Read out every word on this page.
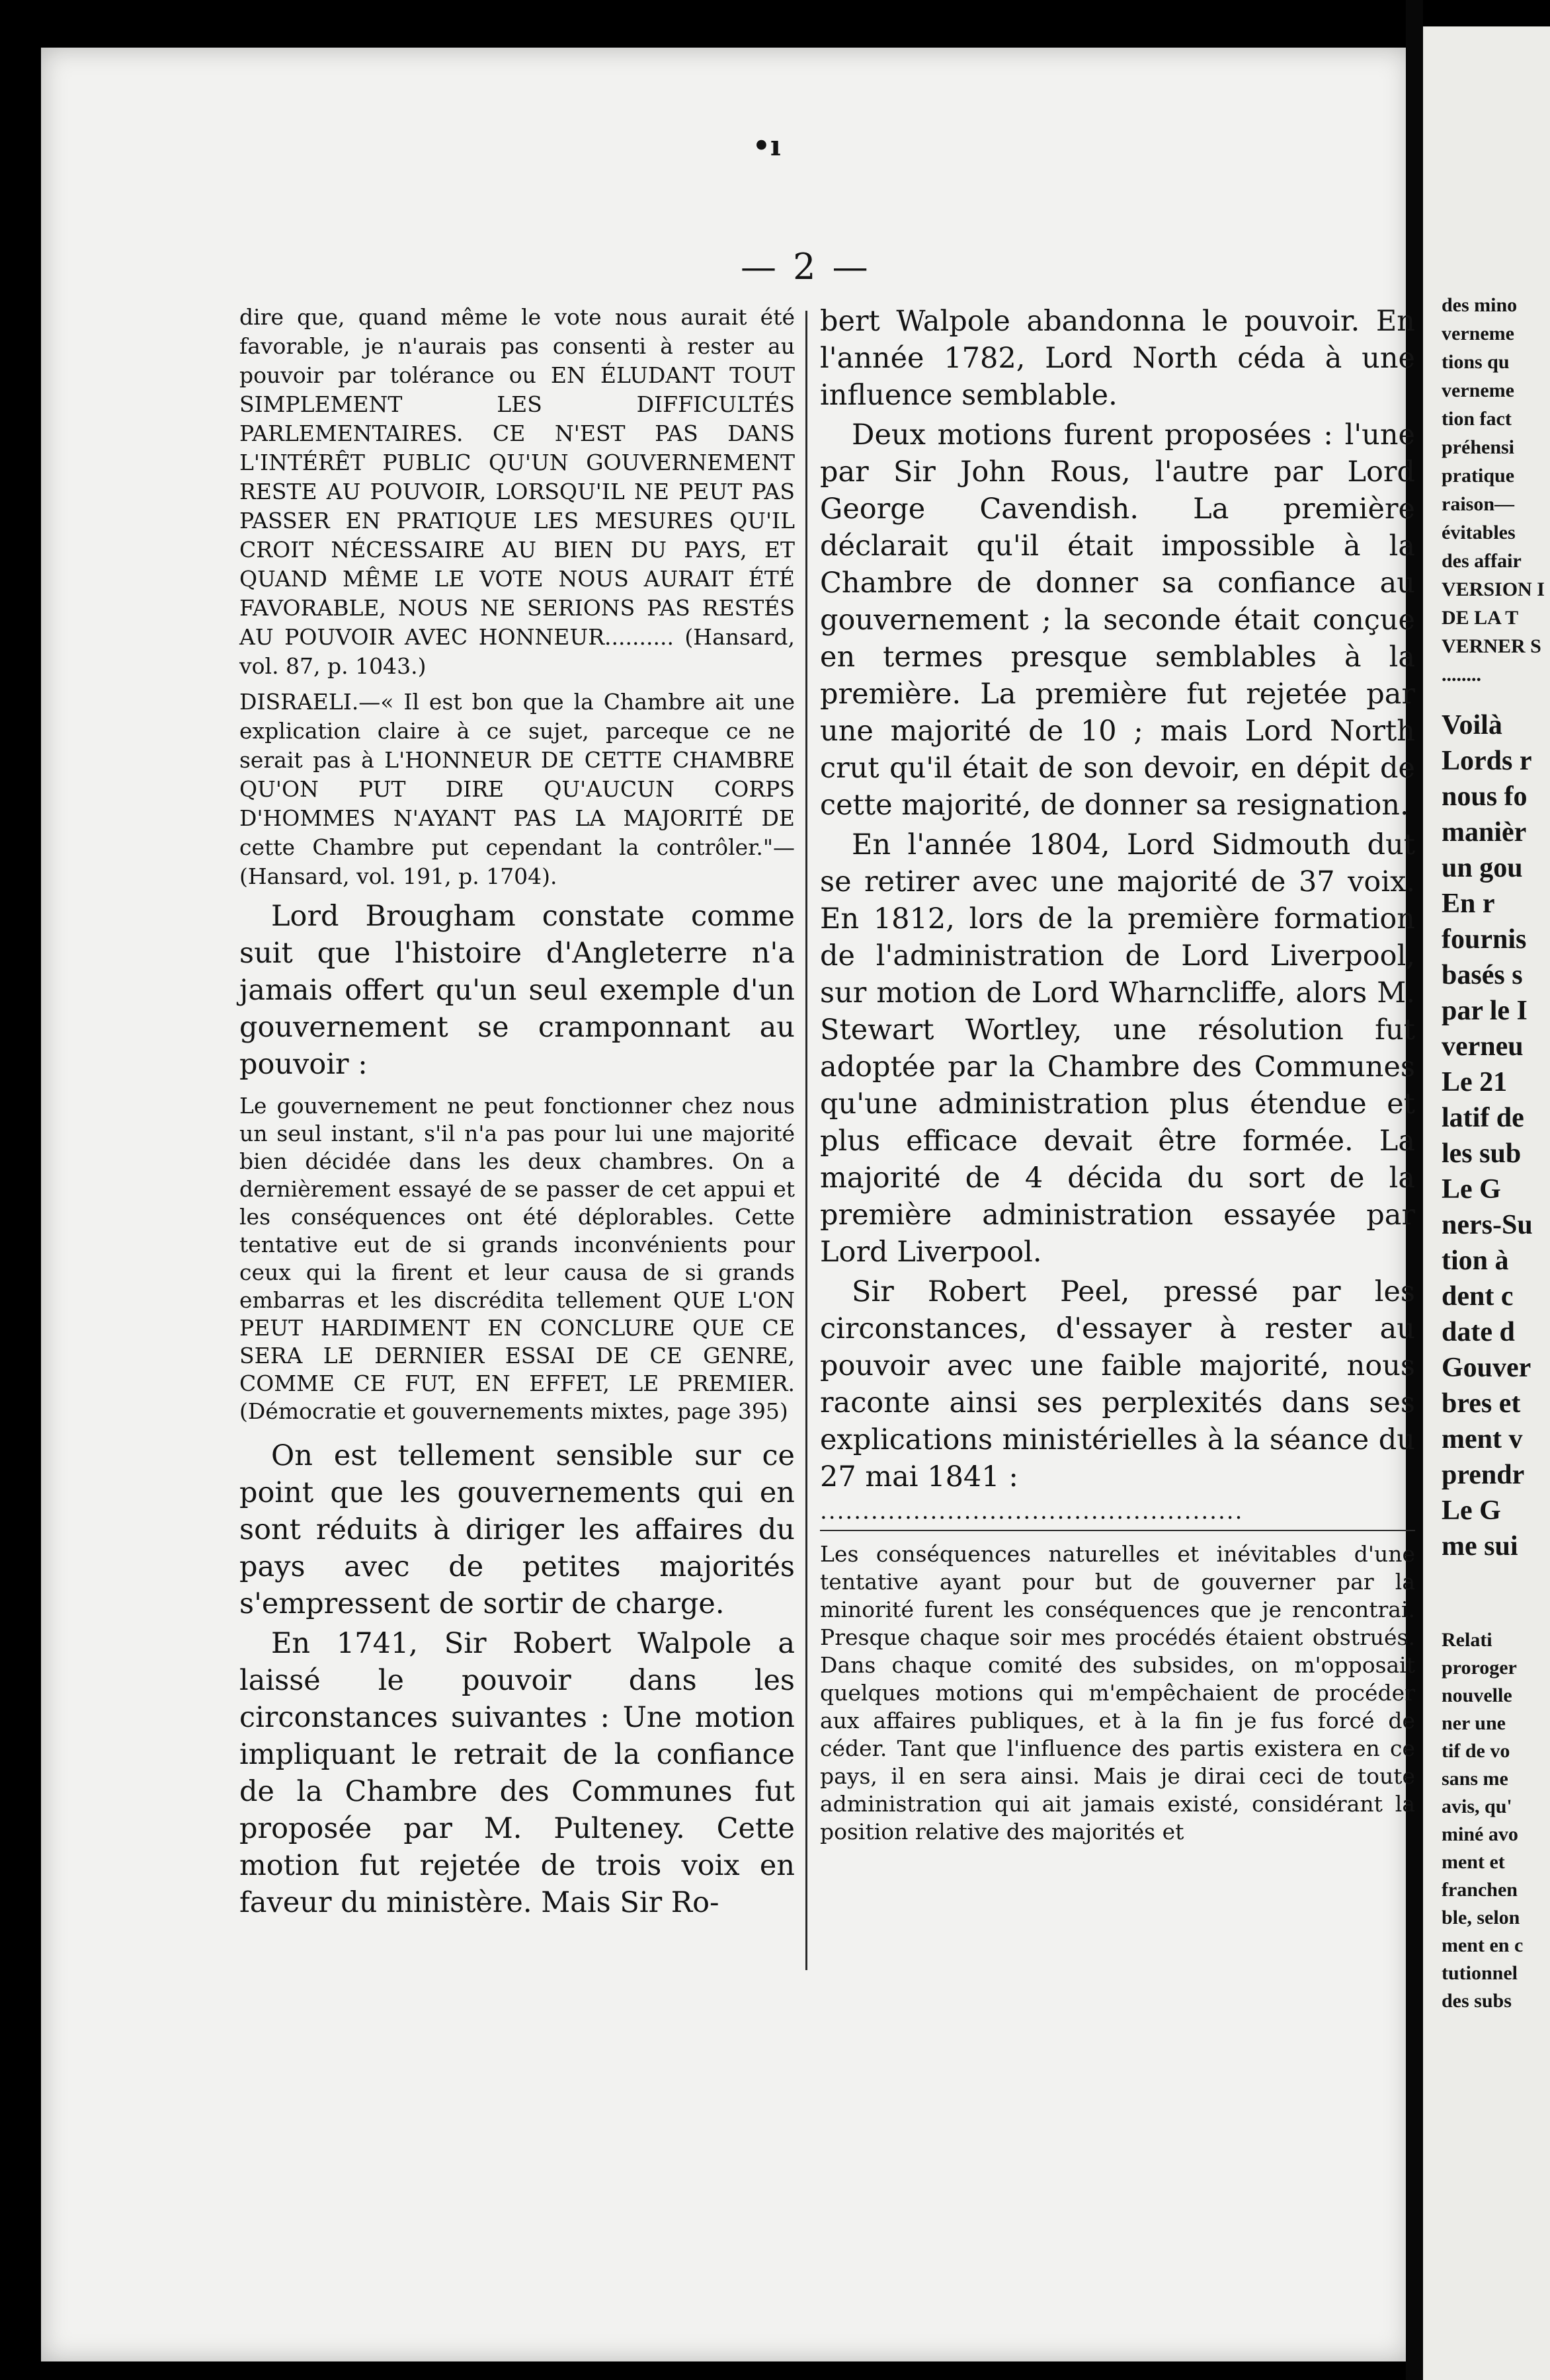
•ı
— 2 —

dire que, quand même le vote nous aurait été favorable, je n'aurais pas consenti à rester au pouvoir par tolérance ou EN ÉLUDANT TOUT SIMPLEMENT LES DIFFICULTÉS PARLEMENTAIRES. CE N'EST PAS DANS L'INTÉRÊT PUBLIC QU'UN GOUVERNEMENT RESTE AU POUVOIR, LORSQU'IL NE PEUT PAS PASSER EN PRATIQUE LES MESURES QU'IL CROIT NÉCESSAIRE AU BIEN DU PAYS, ET QUAND MÊME LE VOTE NOUS AURAIT ÉTÉ FAVORABLE, NOUS NE SERIONS PAS RESTÉS AU POUVOIR AVEC HONNEUR.......... (Hansard, vol. 87, p. 1043.)

DISRAELI.—« Il est bon que la Chambre ait une explication claire à ce sujet, parceque ce ne serait pas à L'HONNEUR DE CETTE CHAMBRE QU'ON PUT DIRE QU'AUCUN CORPS D'HOMMES N'AYANT PAS LA MAJORITÉ DE cette Chambre put cependant la contrôler."—(Hansard, vol. 191, p. 1704).

Lord Brougham constate comme suit que l'histoire d'Angleterre n'a jamais offert qu'un seul exemple d'un gouvernement se cramponnant au pouvoir :

Le gouvernement ne peut fonctionner chez nous un seul instant, s'il n'a pas pour lui une majorité bien décidée dans les deux chambres. On a dernièrement essayé de se passer de cet appui et les conséquences ont été déplorables. Cette tentative eut de si grands inconvénients pour ceux qui la firent et leur causa de si grands embarras et les discrédita tellement QUE L'ON PEUT HARDIMENT EN CONCLURE QUE CE SERA LE DERNIER ESSAI DE CE GENRE, COMME CE FUT, EN EFFET, LE PREMIER. (Démocratie et gouvernements mixtes, page 395)

On est tellement sensible sur ce point que les gouvernements qui en sont réduits à diriger les affaires du pays avec de petites majorités s'empressent de sortir de charge.

En 1741, Sir Robert Walpole a laissé le pouvoir dans les circonstances suivantes : Une motion impliquant le retrait de la confiance de la Chambre des Communes fut proposée par M. Pulteney. Cette motion fut rejetée de trois voix en faveur du ministère. Mais Sir Ro-

bert Walpole abandonna le pouvoir. En l'année 1782, Lord North céda à une influence semblable.

Deux motions furent proposées : l'une par Sir John Rous, l'autre par Lord George Cavendish. La première déclarait qu'il était impossible à la Chambre de donner sa confiance au gouvernement ; la seconde était conçue en termes presque semblables à la première. La première fut rejetée par une majorité de 10 ; mais Lord North crut qu'il était de son devoir, en dépit de cette majorité, de donner sa resignation.

En l'année 1804, Lord Sidmouth dut se retirer avec une majorité de 37 voix. En 1812, lors de la première formation de l'administration de Lord Liverpool, sur motion de Lord Wharncliffe, alors M. Stewart Wortley, une résolution fut adoptée par la Chambre des Communes qu'une administration plus étendue et plus efficace devait être formée. La majorité de 4 décida du sort de la première administration essayée par Lord Liverpool.

Sir Robert Peel, pressé par les circonstances, d'essayer à rester au pouvoir avec une faible majorité, nous raconte ainsi ses perplexités dans ses explications ministérielles à la séance du 27 mai 1841 :

..................................................

Les conséquences naturelles et inévitables d'une tentative ayant pour but de gouverner par la minorité furent les conséquences que je rencontrai. Presque chaque soir mes procédés étaient obstrués. Dans chaque comité des subsides, on m'opposait quelques motions qui m'empêchaient de procéder aux affaires publiques, et à la fin je fus forcé de céder. Tant que l'influence des partis existera en ce pays, il en sera ainsi. Mais je dirai ceci de toute administration qui ait jamais existé, considérant la position relative des majorités et

des mino

verneme

tions qu

verneme

tion fact

préhensi

pratique

raison—

évitables

des affair

VERSION I

DE LA T

VERNER S

........

Voilà

Lords r

nous fo

manièr

un gou

En r

fournis

basés s

par le I

verneu

Le 21

latif de

les sub

Le G

ners-Su

tion à

dent c

date d

Gouver

bres et

ment v

prendr

Le G

me sui

Relati

proroger

nouvelle

ner une

tif de vo

sans me

avis, qu'

miné avo

ment et

franchen

ble, selon

ment en c

tutionnel

des subs
